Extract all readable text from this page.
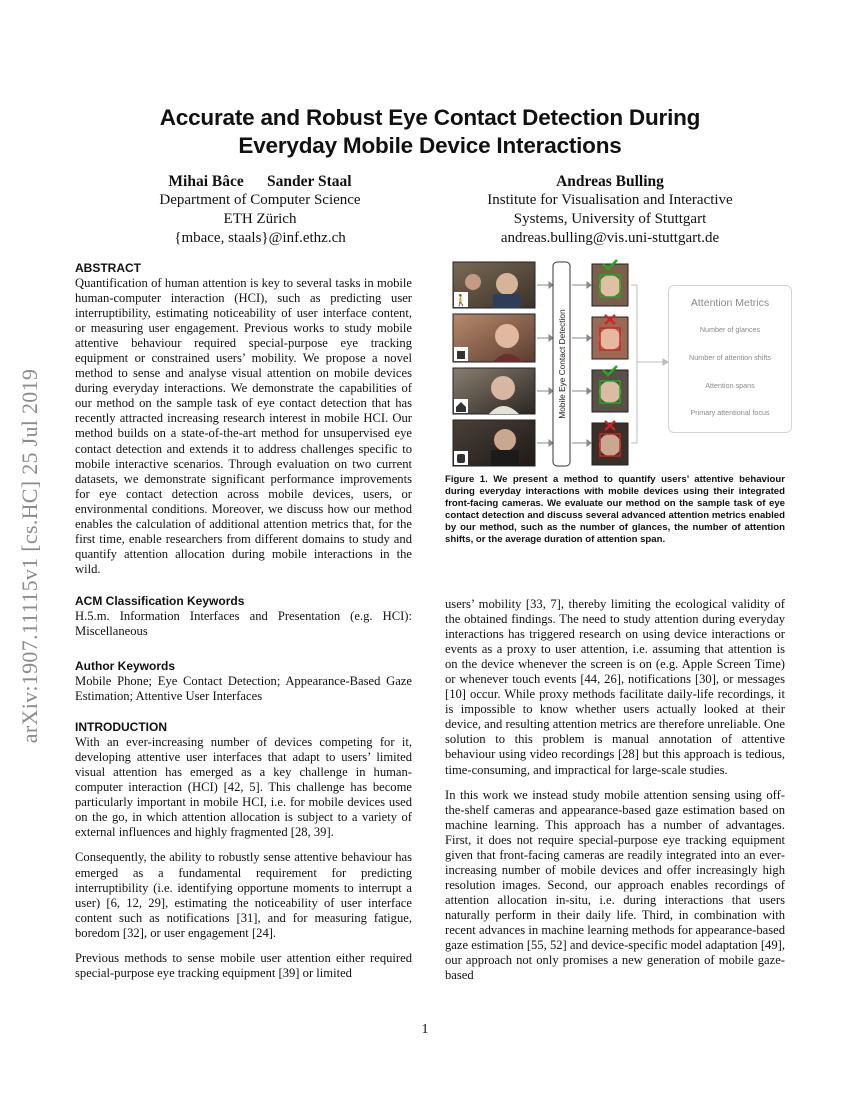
arXiv:1907.11115v1 [cs.HC] 25 Jul 2019
Accurate and Robust Eye Contact Detection During
Everyday Mobile Device Interactions
Mihai Bâce      Sander Staal
Department of Computer Science
ETH Zürich
{mbace, staals}@inf.ethz.ch
Andreas Bulling
Institute for Visualisation and Interactive
Systems, University of Stuttgart
andreas.bulling@vis.uni-stuttgart.de
ABSTRACT

Quantification of human attention is key to several tasks in mobile human-computer interaction (HCI), such as predicting user interruptibility, estimating noticeability of user interface content, or measuring user engagement. Previous works to study mobile attentive behaviour required special-purpose eye tracking equipment or constrained users’ mobility. We propose a novel method to sense and analyse visual attention on mobile devices during everyday interactions. We demonstrate the capabilities of our method on the sample task of eye contact detection that has recently attracted increasing research interest in mobile HCI. Our method builds on a state-of-the-art method for unsupervised eye contact detection and extends it to address challenges specific to mobile interactive scenarios. Through evaluation on two current datasets, we demonstrate significant performance improvements for eye contact detection across mobile devices, users, or environmental conditions. Moreover, we discuss how our method enables the calculation of additional attention metrics that, for the first time, enable researchers from different domains to study and quantify attention allocation during mobile interactions in the wild.

ACM Classification Keywords

H.5.m. Information Interfaces and Presentation (e.g. HCI): Miscellaneous

Author Keywords

Mobile Phone; Eye Contact Detection; Appearance-Based Gaze Estimation; Attentive User Interfaces

INTRODUCTION

With an ever-increasing number of devices competing for it, developing attentive user interfaces that adapt to users’ limited visual attention has emerged as a key challenge in human-computer interaction (HCI) [42, 5]. This challenge has become particularly important in mobile HCI, i.e. for mobile devices used on the go, in which attention allocation is subject to a variety of external influences and highly fragmented [28, 39].

Consequently, the ability to robustly sense attentive behaviour has emerged as a fundamental requirement for predicting interruptibility (i.e. identifying opportune moments to interrupt a user) [6, 12, 29], estimating the noticeability of user interface content such as notifications [31], and for measuring fatigue, boredom [32], or user engagement [24].

Previous methods to sense mobile user attention either required special-purpose eye tracking equipment [39] or limited

🚶
Mobile Eye Contact Detection
Attention Metrics
Number of glances
Number of attention shifts
Attention spans
Primary attentional focus
Figure 1. We present a method to quantify users’ attentive behaviour during everyday interactions with mobile devices using their integrated front-facing cameras. We evaluate our method on the sample task of eye contact detection and discuss several advanced attention metrics enabled by our method, such as the number of glances, the number of attention shifts, or the average duration of attention span.

users’ mobility [33, 7], thereby limiting the ecological validity of the obtained findings. The need to study attention during everyday interactions has triggered research on using device interactions or events as a proxy to user attention, i.e. assuming that attention is on the device whenever the screen is on (e.g. Apple Screen Time) or whenever touch events [44, 26], notifications [30], or messages [10] occur. While proxy methods facilitate daily-life recordings, it is impossible to know whether users actually looked at their device, and resulting attention metrics are therefore unreliable. One solution to this problem is manual annotation of attentive behaviour using video recordings [28] but this approach is tedious, time-consuming, and impractical for large-scale studies.

In this work we instead study mobile attention sensing using off-the-shelf cameras and appearance-based gaze estimation based on machine learning. This approach has a number of advantages. First, it does not require special-purpose eye tracking equipment given that front-facing cameras are readily integrated into an ever-increasing number of mobile devices and offer increasingly high resolution images. Second, our approach enables recordings of attention allocation in-situ, i.e. during interactions that users naturally perform in their daily life. Third, in combination with recent advances in machine learning methods for appearance-based gaze estimation [55, 52] and device-specific model adaptation [49], our approach not only promises a new generation of mobile gaze-based

1
